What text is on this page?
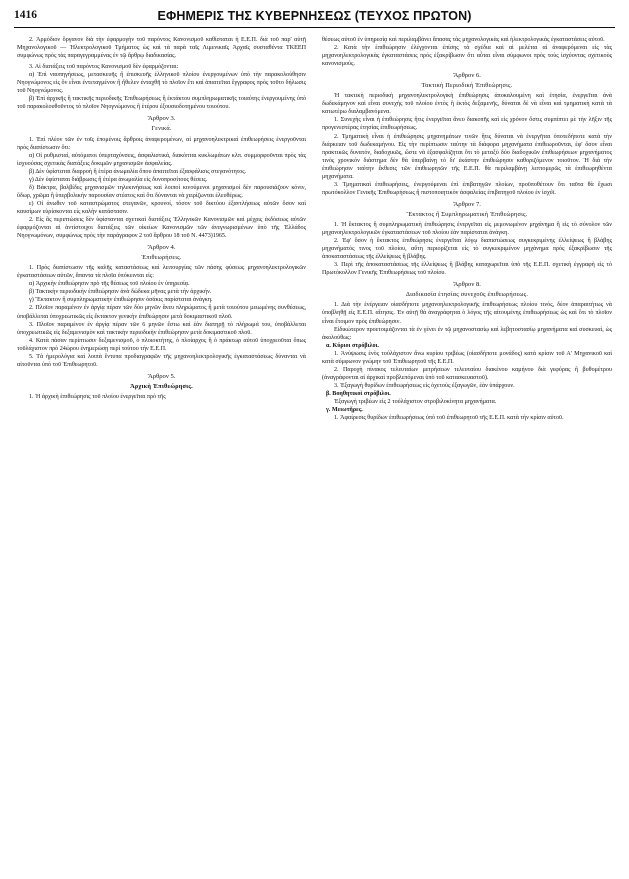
1416	ΕΦΗΜΕΡΙΣ ΤΗΣ ΚΥΒΕΡΝΗΣΕΩΣ (ΤΕΥΧΟΣ ΠΡΩΤΟΝ)

2. Ἁρμόδιον ὄργανον διὰ τὴν ἐφαρμογὴν τοῦ παρόντος Κανονισμοῦ καθίσταται ἡ Ε.Ε.Π. διὰ τοῦ παρ' αὐτῇ Μηχανολογικοῦ — Ἠλεκτρολογικοῦ Τμήματος ὡς καὶ τὰ παρὰ ταῖς Λιμενικαῖς Ἀρχαῖς συσταθέντα ΤΚΕΕΠ συμφώνως πρὸς τὰς παραγεγραμμένας ἐν τῷ ἄρθρῳ διαδικασίας.

3. Αἱ διατάξεις τοῦ παρόντος Κανονισμοῦ δὲν ἐφαρμόζονται:

α) Ἐπὶ ναυπηγήσεως, μετασκευῆς ἢ ἐπισκευῆς ἑλληνικοῦ πλοίου ἐνεργουμένων ὑπὸ τὴν παρακολούθησιν Νηογνώμονος εἰς ὃν εἶναι ἐντεταγμένον ἢ ἤθελεν ἐνταχθῆ τὸ πλοῖον ἔτι καὶ ἀπαιτεῖται ἔγγραφος πρὸς τοῦτο δήλωσις τοῦ Νηογνώμονος.

β) Ἐπὶ ἀρχικῆς ἢ τακτικῆς περιοδικῆς Ἐπιθεωρήσεως ἢ ἐκτάκτου συμπληρωματικῆς τοιαύτης ἐνεργουμένης ὑπὸ τοῦ παρακολουθοῦντος τὸ πλοῖον Νηογνώμονος ἢ ἑτέρου ἐξουσιοδοτημένου τοιούτου.

Ἄρθρον 3.
Γενικά.

1. Ἐπὶ πλέον τῶν ἐν τοῖς ἑπομένοις ἄρθροις ἀναφερομένων, αἱ μηχανοηλεκτρικαὶ ἐπιθεωρήσεις ἐνεργοῦνται πρὸς διαπίστωσιν ὅτι:

α) Οἱ ρυθμισταί, αὐτόματοι ὑπερταχύνσεις, ἀσφαλιστικά, διακόπται κυκλωμάτων κλπ. συμμορφοῦνται πρὸς τὰς ἰσχυούσας σχετικὰς διατάξεις δοκιμῶν μηχανισμῶν ἀσφαλείας.

β) Δὲν ὑφίσταται διαρροὴ ἢ ἑτέρα ἀνωμαλία ὅπου ἀπαιτεῖται ἐξασφάλισις στεγανότητος.

γ) Δὲν ὑφίσταται διάβρωσις ἢ ἑτέρα ἀνωμαλία εἰς δυνοπροσίτους θέσεις.

δ) Βάκτρα, βαλβίδες μηχανισμῶν τηλεκινήσεως καὶ λοιποὶ κινούμενοι μηχανισμοὶ δὲν παρουσιάζουν κόνιν, ὕδωρ, χρῶμα ἢ ὑπερβολικὴν παρουσίαν στέατος καὶ ὅτι δύνανται νὰ χειρίζωνται ἐλευθέρως.

ε) Οἱ ἀνωθεν τοῦ καταστρώματος στεγανῶν, κρουνοί, τόσον τοῦ δικτύου ἐξαντλήσεως αὐτῶν ὅσον καὶ καυσίμων εὑρίσκονται εἰς καλὴν κατάστασιν.

2. Εἰς ἃς περιπτώσεις δὲν ὑφίστανται σχετικαὶ διατάξεις Ἑλληνικῶν Κανονισμῶν καὶ μέχρις ἐκδόσεως αὐτῶν ἐφαρμόζονται αἱ ἀντίστοιχοι διατάξεις τῶν οἰκείων Κανονισμῶν τῶν ἀνεγνωρισμένων ὑπὸ τῆς Ἑλλάδος Νηογνωμόνων, συμφώνως πρὸς τὴν παράγραφον 2 τοῦ ἄρθρου 18 τοῦ Ν. 4473)1965.

Ἄρθρον 4.
Ἐπιθεωρήσεις.

1. Πρὸς διαπίστωσιν τῆς καλῆς καταστάσεως καὶ λειτουργίας τῶν πάσης φύσεως μηχανοηλεκτρολογικῶν ἐγκαταστάσεων αὐτῶν, ἅπαντα τὰ πλοῖα ὑπόκεινται εἰς:

α) Ἀρχικὴν ἐπιθεώρησιν πρὸ τῆς θέσεως τοῦ πλοίου ἐν ὑπηρεσίᾳ.

β) Τακτικὴν περιοδικὴν ἐπιθεώρησιν ἀνὰ δώδεκα μῆνας μετὰ τὴν ἀρχικήν.

γ) Ἔκτακτον ἢ συμπληρωματικὴν ἐπιθεώρησιν ὁσάκις παρίσταται ἀνάγκη.

2. Πλοῖον παραμένον ἐν ἀργίᾳ πέραν τῶν δύο μηνῶν ἄνευ πληρώματος ἢ μετὰ τοιούτου μειωμένης συνθέσεως, ὑποβάλλεται ὑποχρεωτικῶς εἰς ἔκτακτον γενικὴν ἐπιθεώρησιν μετὰ δοκιμαστικοῦ πλοῦ.

3. Πλοῖον παραμένον ἐν ἀργίᾳ πέραν τῶν 6 μηνῶν ἔστω καὶ ἐὰν διατηρῇ τὸ πλήρωμά του, ὑποβάλλεται ὑποχρεωτικῶς εἰς δεξαμενισμὸν καὶ τακτικὴν περιοδικὴν ἐπιθεώρησιν μετὰ δοκιμαστικοῦ πλοῦ.

4. Κατὰ πάσαν περίπτωσιν δεξαμενισμοῦ, ὁ πλοιοκτήτης, ὁ πλοίαρχος ἢ ὁ πράκτωρ αὐτοῦ ὑποχρεοῦται ὅπως τοῦλάχιστον πρὸ 24ώρου ἐνημερώσῃ περὶ τούτου τὴν Ε.Ε.Π.

5. Τὰ ἡμερολόγια καὶ λοιπὰ ἔντυπα προδιαγραφῶν τῆς μηχανοηλεκτρολογικῆς ἐγκαταστάσεως δύνανται νὰ αἰτοῦνται ὑπὸ τοῦ Ἐπιθεωρητοῦ.

Ἄρθρον 5.
Ἀρχικὴ Ἐπιθεώρησις.

1. Ἡ ἀρχικὴ ἐπιθεώρησις τοῦ πλοίου ἐνεργεῖται πρὸ τῆς

θέσεως αὐτοῦ ἐν ὑπηρεσίᾳ καὶ περιλαμβάνει ἅπασας τὰς μηχανολογικὰς καὶ ἠλεκτρολογικὰς ἐγκαταστάσεις αὐτοῦ.

2. Κατὰ τὴν ἐπιθεώρησιν ἐλέγχονται ἐπίσης τὰ σχέδια καὶ αἱ μελέται αἱ ἀναφερόμεναι εἰς τὰς μηχανοηλεκτρολογικὰς ἐγκαταστάσεις πρὸς ἐξακρίβωσιν ὅτι αὗται εἶναι σύμφωνοι πρὸς τοὺς ἰσχύοντας σχετικοὺς κανονισμούς.

Ἄρθρον 6.
Τακτικὴ Περιοδικὴ Ἐπιθεώρησις.

Ἡ τακτικὴ περιοδικὴ μηχανοηλεκτρολογικὴ ἐπιθεώρησις ἀποκαλουμένη καὶ ἐτησία, ἐνεργεῖται ἀνὰ δωδεκάμηνον καὶ εἶναι συνεχὴς τοῦ πλοίου ἐντὸς ἢ ἐκτὸς δεξαμενῆς, δύναται δὲ νὰ εἶναι καὶ τμηματικὴ κατὰ τὰ κατωτέρω διαλαμβανόμενα.

1. Συνεχὴς εἶναι ἡ ἐπιθεώρησις ἥτις ἐνεργεῖται ἄνευ διακοπῆς καὶ εἰς χρόνον ὅστις συμπίπτει μὲ τὴν λῆξιν τῆς προγενεστέρας ἐτησίας ἐπιθεωρήσεως.

2. Τμηματικὴ εἶναι ἡ ἐπιθεώρησις μηχανημάτων τινῶν ἥτις δύναται νὰ ἐνεργῆται ὁποτεδήποτε κατὰ τὴν διάρκειαν τοῦ δωδεκαμήνου. Εἰς τὴν περίπτωσιν ταύτην τὰ διάφορα μηχανήματα ἐπιθεωροῦνται, ἐφ' ὅσον εἶναι πρακτικῶς δυνατόν, διαδοχικῶς, ὥστε νὰ ἐξασφαλίζηται ὅτι τὸ μεταξὺ δύο διαδοχικῶν ἐπιθεωρήσεων μηχανήματος τινὸς χρονικὸν διάστημα δὲν θὰ ὑπερβαίνῃ τὸ δι' ἑκάστην ἐπιθεώρησιν καθοριζόμενον τοιοῦτον. Ἡ διὰ τὴν ἐπιθεώρησιν ταύτην ἔκθεσις τῶν ἐπιθεωρητῶν τῆς Ε.Ε.Π. θὰ περιλαμβάνῃ λεπτομερῶς τὰ ἐπιθεωρηθέντα μηχανήματα.

3. Τμηματικαὶ ἐπιθεωρήσεις, ἐνεργούμεναι ἐπὶ ἐπιβατηγῶν πλοίων, προϋποθέτουν ὅτι ταῦτα θὰ ἔχωσι πρωτόκολλον Γενικῆς Ἐπιθεωρήσεως ἢ πιστοποιητικὸν ἀσφαλείας ἐπιβατηγοῦ πλοίου ἐν ἰσχύϊ.

Ἄρθρον 7.
Ἔκτακτος ἢ Συμπληρωματικὴ Ἐπιθεώρησις.

1. Ἡ ἔκτακτος ἢ συμπληρωματικὴ ἐπιθεώρησις ἐνεργεῖται εἰς μεμονωμένον μηχάνημα ἢ εἰς τὸ σύνολον τῶν μηχανοηλεκτρολογικῶν ἐγκαταστάσεων τοῦ πλοίου ἐὰν παρίσταται ἀνάγκη.

2. Ἐφ' ὅσον ἡ ἔκτακτος ἐπιθεώρησις ἐνεργεῖται λόγῳ διαπιστώσεως συγκεκριμένης ἐλλείψεως ἢ βλάβης μηχανήματός τινος τοῦ πλοίου, αὕτη περιορίζεται εἰς τὸ συγκεκριμένον μηχάνημα πρὸς ἐξακρίβωσιν τῆς ἀποκαταστάσεως τῆς ἐλλείψεως ἢ βλάβης.

3. Περὶ τῆς ἀποκαταστάσεως τῆς ἐλλείψεως ἢ βλάβης καταχωρεῖται ὑπὸ τῆς Ε.Ε.Π. σχετικὴ ἐγγραφὴ εἰς τὸ Πρωτόκολλον Γενικῆς Ἐπιθεωρήσεως τοῦ πλοίου.

Ἄρθρον 8.
Διαδικασία ἐτησίας συνεχοῦς ἐπιθεωρήσεως.

1. Διὰ τὴν ἐνέργειαν οἱασδήποτε μηχανοηλεκτρολογικῆς ἐπιθεωρήσεως πλοίου τινός, δέον ἀπαραιτήτως νὰ ὑποβληθῇ εἰς Ε.Ε.Π. αἴτησις. Ἐν αὐτῇ θὰ ἀναγράφηται ὁ λόγος τῆς αἰτουμένης ἐπιθεωρήσεως ὡς καὶ ὅτι τὸ πλοῖον εἶναι ἕτοιμον πρὸς ἐπιθεώρησιν.

Εἰδικώτερον προετοιμάζονται τὰ ἐν γένει ἐν τῷ μηχανοστασίῳ καὶ λεβητοστασίῳ μηχανήματα καὶ συσκευαὶ, ὡς ἀκολούθως:

α. Κύριοι στρόβιλοι.

1. Ἀνύψωσις ἑνὸς τοὐλάχιστον ἄνω κυρίου τριβέως (οἰασδήποτε μονάδος) κατὰ κρίσιν τοῦ Α' Μηχανικοῦ καὶ κατὰ σύμφωνον γνώμην τοῦ Ἐπιθεωρητοῦ τῆς Ε.Ε.Π.

2. Παροχὴ πίνακος τελευταίων μετρήσεων τελευταίου διακένου καμήνου διὰ γεφύρας ἢ βυθομέτρου (ἀναγράφονται αἱ ἀρχικαὶ προβλεπόμεναι ὑπὸ τοῦ κατασκευαστοῦ).

3. Ἐξαγωγὴ θυρίδων ἐπιθεωρήσεως εἰς ὀχετοὺς ἐξαγωγῶν, ἐὰν ὑπάρχουν.

β. Βοηθητικοὶ στρόβιλοι.

Ἐξαγωγὴ τριβέων εἰς 2 τοὐλάχιστον στροβιλοκίνητα μηχανήματα.

γ. Μειωτῆρες.

1. Ἀφαίρεσις θυρίδων ἐπιθεωρήσεως ὑπὸ τοῦ ἐπιθεωρητοῦ τῆς Ε.Ε.Π. κατὰ τὴν κρίσιν αὐτοῦ.
